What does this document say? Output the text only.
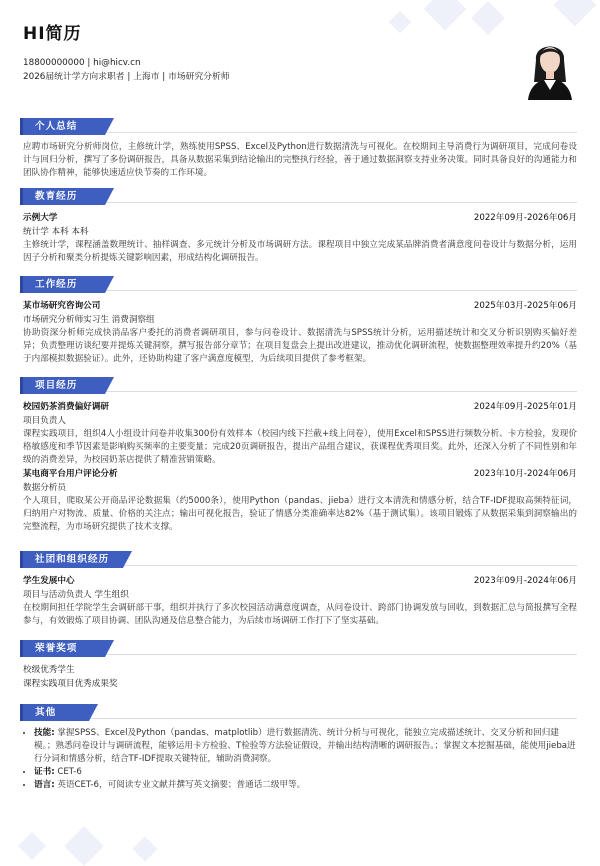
HI简历
18800000000 | hi@hicv.cn
2026届统计学方向求职者 | 上海市 | 市场研究分析师
个人总结
应聘市场研究分析师岗位，主修统计学，熟练使用SPSS、Excel及Python进行数据清洗与可视化。在校期间主导消费行为调研项目，完成问卷设计与回归分析，撰写了多份调研报告，具备从数据采集到结论输出的完整执行经验，善于通过数据洞察支持业务决策。同时具备良好的沟通能力和团队协作精神，能够快速适应快节奏的工作环境。
教育经历
示例大学	2022年09月-2026年06月
统计学 本科 本科
主修统计学，课程涵盖数理统计、抽样调查、多元统计分析及市场调研方法。课程项目中独立完成某品牌消费者满意度问卷设计与数据分析，运用因子分析和聚类分析提炼关键影响因素，形成结构化调研报告。
工作经历
某市场研究咨询公司	2025年03月-2025年06月
市场研究分析师实习生 消费洞察组
协助资深分析师完成快消品客户委托的消费者调研项目，参与问卷设计、数据清洗与SPSS统计分析，运用描述统计和交叉分析识别购买偏好差异；负责整理访谈纪要并提炼关键洞察，撰写报告部分章节；在项目复盘会上提出改进建议，推动优化调研流程，使数据整理效率提升约20%（基于内部模拟数据验证）。此外，还协助构建了客户满意度模型，为后续项目提供了参考框架。
项目经历
校园奶茶消费偏好调研	2024年09月-2025年01月
项目负责人
课程实践项目，组织4人小组设计问卷并收集300份有效样本（校园内线下拦截+线上问卷），使用Excel和SPSS进行频数分析、卡方检验，发现价格敏感度和季节因素是影响购买频率的主要变量；完成20页调研报告，提出产品组合建议，获课程优秀项目奖。此外，还深入分析了不同性别和年级的消费差异，为校园奶茶店提供了精准营销策略。
某电商平台用户评论分析	2023年10月-2024年06月
数据分析员
个人项目，爬取某公开商品评论数据集（约5000条），使用Python（pandas、jieba）进行文本清洗和情感分析，结合TF-IDF提取高频特征词，归纳用户对物流、质量、价格的关注点；输出可视化报告，验证了情感分类准确率达82%（基于测试集）。该项目锻炼了从数据采集到洞察输出的完整流程，为市场研究提供了技术支撑。
社团和组织经历
学生发展中心	2023年09月-2024年06月
项目与活动负责人 学生组织
在校期间担任学院学生会调研部干事，组织并执行了多次校园活动满意度调查，从问卷设计、跨部门协调发放与回收，到数据汇总与简报撰写全程参与，有效锻炼了项目协调、团队沟通及信息整合能力，为后续市场调研工作打下了坚实基础。
荣誉奖项
校级优秀学生
课程实践项目优秀成果奖
其他
• 技能: 掌握SPSS、Excel及Python（pandas、matplotlib）进行数据清洗、统计分析与可视化，能独立完成描述统计、交叉分析和回归建模。；熟悉问卷设计与调研流程，能够运用卡方检验、T检验等方法验证假设，并输出结构清晰的调研报告。；掌握文本挖掘基础，能使用jieba进行分词和情感分析，结合TF-IDF提取关键特征，辅助消费洞察。
• 证书: CET-6
• 语言: 英语CET-6，可阅读专业文献并撰写英文摘要；普通话二级甲等。
